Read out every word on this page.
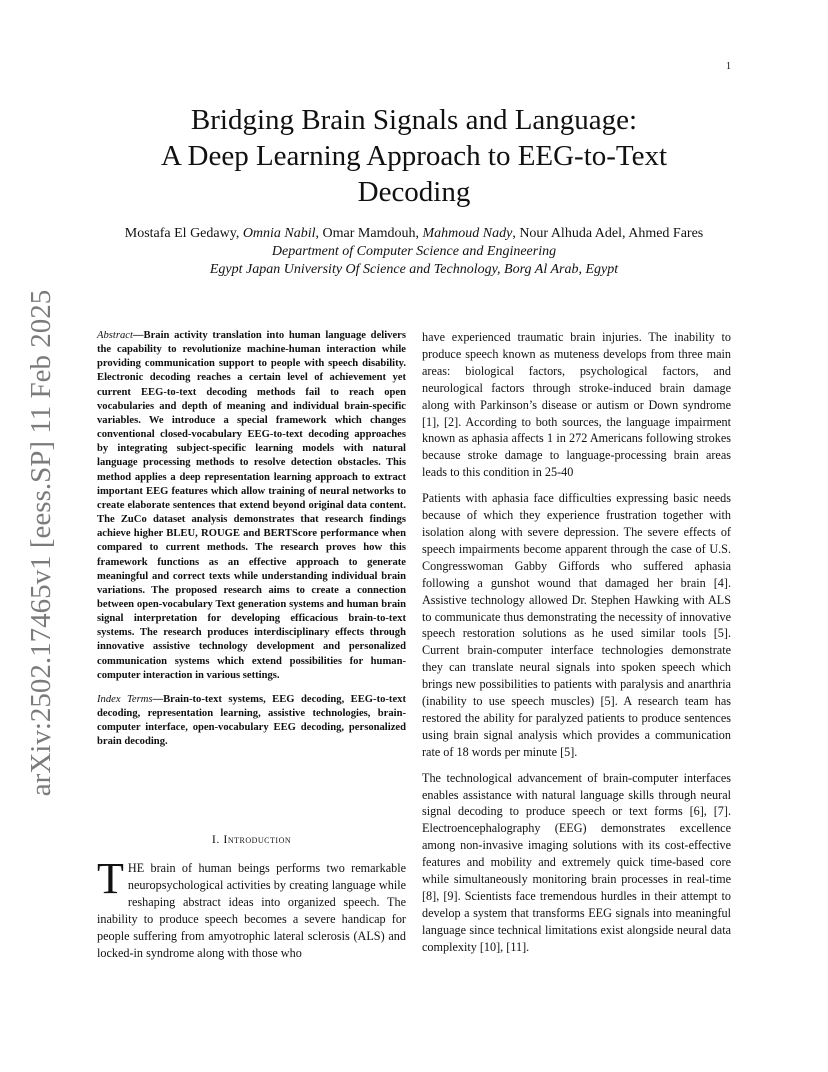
1
arXiv:2502.17465v1 [eess.SP] 11 Feb 2025
Bridging Brain Signals and Language:
A Deep Learning Approach to EEG-to-Text
Decoding
Mostafa El Gedawy, Omnia Nabil, Omar Mamdouh, Mahmoud Nady, Nour Alhuda Adel, Ahmed Fares
Department of Computer Science and Engineering
Egypt Japan University Of Science and Technology, Borg Al Arab, Egypt

Abstract—Brain activity translation into human language delivers the capability to revolutionize machine-human interaction while providing communication support to people with speech disability. Electronic decoding reaches a certain level of achievement yet current EEG-to-text decoding methods fail to reach open vocabularies and depth of meaning and individual brain-specific variables. We introduce a special framework which changes conventional closed-vocabulary EEG-to-text decoding approaches by integrating subject-specific learning models with natural language processing methods to resolve detection obstacles. This method applies a deep representation learning approach to extract important EEG features which allow training of neural networks to create elaborate sentences that extend beyond original data content. The ZuCo dataset analysis demonstrates that research findings achieve higher BLEU, ROUGE and BERTScore performance when compared to current methods. The research proves how this framework functions as an effective approach to generate meaningful and correct texts while understanding individual brain variations. The proposed research aims to create a connection between open-vocabulary Text generation systems and human brain signal interpretation for developing efficacious brain-to-text systems. The research produces interdisciplinary effects through innovative assistive technology development and personalized communication systems which extend possibilities for human-computer interaction in various settings.

Index Terms—Brain-to-text systems, EEG decoding, EEG-to-text decoding, representation learning, assistive technologies, brain-computer interface, open-vocabulary EEG decoding, personalized brain decoding.

I. Introduction

THE brain of human beings performs two remarkable neuropsychological activities by creating language while reshaping abstract ideas into organized speech. The inability to produce speech becomes a severe handicap for people suffering from amyotrophic lateral sclerosis (ALS) and locked-in syndrome along with those who

have experienced traumatic brain injuries. The inability to produce speech known as muteness develops from three main areas: biological factors, psychological factors, and neurological factors through stroke-induced brain damage along with Parkinson’s disease or autism or Down syndrome [1], [2]. According to both sources, the language impairment known as aphasia affects 1 in 272 Americans following strokes because stroke damage to language-processing brain areas leads to this condition in 25-40

Patients with aphasia face difficulties expressing basic needs because of which they experience frustration together with isolation along with severe depression. The severe effects of speech impairments become apparent through the case of U.S. Congresswoman Gabby Giffords who suffered aphasia following a gunshot wound that damaged her brain [4]. Assistive technology allowed Dr. Stephen Hawking with ALS to communicate thus demonstrating the necessity of innovative speech restoration solutions as he used similar tools [5]. Current brain-computer interface technologies demonstrate they can translate neural signals into spoken speech which brings new possibilities to patients with paralysis and anarthria (inability to use speech muscles) [5]. A research team has restored the ability for paralyzed patients to produce sentences using brain signal analysis which provides a communication rate of 18 words per minute [5].

The technological advancement of brain-computer interfaces enables assistance with natural language skills through neural signal decoding to produce speech or text forms [6], [7]. Electroencephalography (EEG) demonstrates excellence among non-invasive imaging solutions with its cost-effective features and mobility and extremely quick time-based core while simultaneously monitoring brain processes in real-time [8], [9]. Scientists face tremendous hurdles in their attempt to develop a system that transforms EEG signals into meaningful language since technical limitations exist alongside neural data complexity [10], [11].
